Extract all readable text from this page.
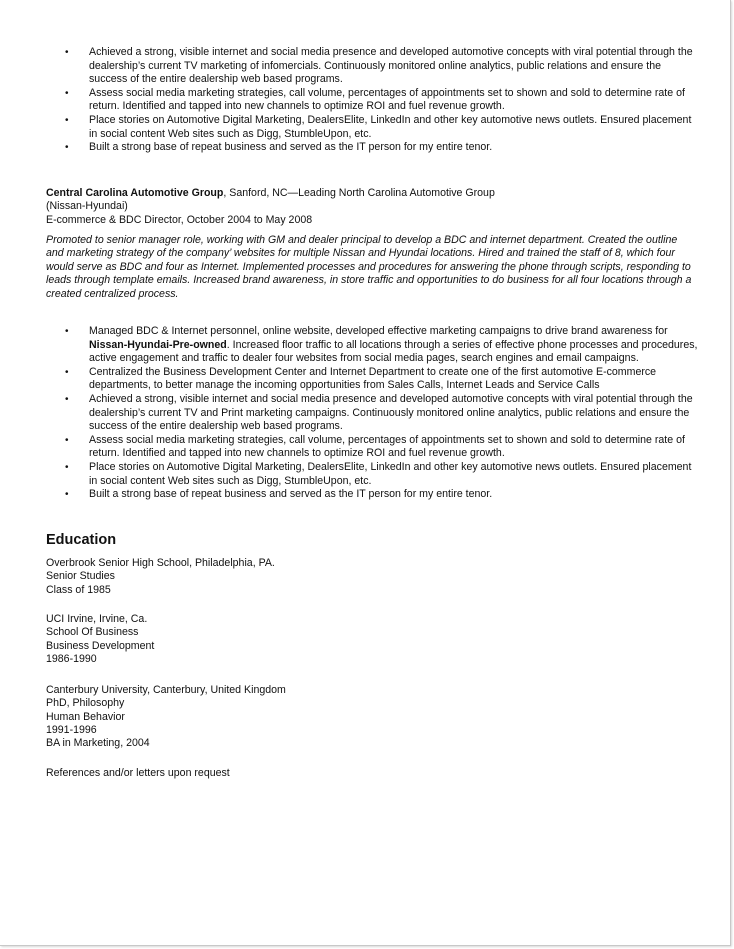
• Achieved a strong, visible internet and social media presence and developed automotive concepts with viral potential through the dealership’s current TV marketing of infomercials. Continuously monitored online analytics, public relations and ensure the success of the entire dealership web based programs.
• Assess social media marketing strategies, call volume, percentages of appointments set to shown and sold to determine rate of return. Identified and tapped into new channels to optimize ROI and fuel revenue growth.
• Place stories on Automotive Digital Marketing, DealersElite, LinkedIn and other key automotive news outlets. Ensured placement in social content Web sites such as Digg, StumbleUpon, etc.
• Built a strong base of repeat business and served as the IT person for my entire tenor.
Central Carolina Automotive Group, Sanford, NC—Leading North Carolina Automotive Group
(Nissan-Hyundai)
E-commerce & BDC Director, October 2004 to May 2008
Promoted to senior manager role, working with GM and dealer principal to develop a BDC and internet department. Created the outline and marketing strategy of the company’ websites for multiple Nissan and Hyundai locations. Hired and trained the staff of 8, which four would serve as BDC and four as Internet. Implemented processes and procedures for answering the phone through scripts, responding to leads through template emails. Increased brand awareness, in store traffic and opportunities to do business for all four locations through a created centralized process.
• Managed BDC & Internet personnel, online website, developed effective marketing campaigns to drive brand awareness for Nissan-Hyundai-Pre-owned. Increased floor traffic to all locations through a series of effective phone processes and procedures, active engagement and traffic to dealer four websites from social media pages, search engines and email campaigns.
• Centralized the Business Development Center and Internet Department to create one of the first automotive E-commerce departments, to better manage the incoming opportunities from Sales Calls, Internet Leads and Service Calls
• Achieved a strong, visible internet and social media presence and developed automotive concepts with viral potential through the dealership’s current TV and Print marketing campaigns. Continuously monitored online analytics, public relations and ensure the success of the entire dealership web based programs.
• Assess social media marketing strategies, call volume, percentages of appointments set to shown and sold to determine rate of return. Identified and tapped into new channels to optimize ROI and fuel revenue growth.
• Place stories on Automotive Digital Marketing, DealersElite, LinkedIn and other key automotive news outlets. Ensured placement in social content Web sites such as Digg, StumbleUpon, etc.
• Built a strong base of repeat business and served as the IT person for my entire tenor.
Education
Overbrook Senior High School, Philadelphia, PA.
Senior Studies
Class of 1985
UCI Irvine, Irvine, Ca.
School Of Business
Business Development
1986-1990
Canterbury University, Canterbury, United Kingdom
PhD, Philosophy
Human Behavior
1991-1996
BA in Marketing, 2004
References and/or letters upon request
